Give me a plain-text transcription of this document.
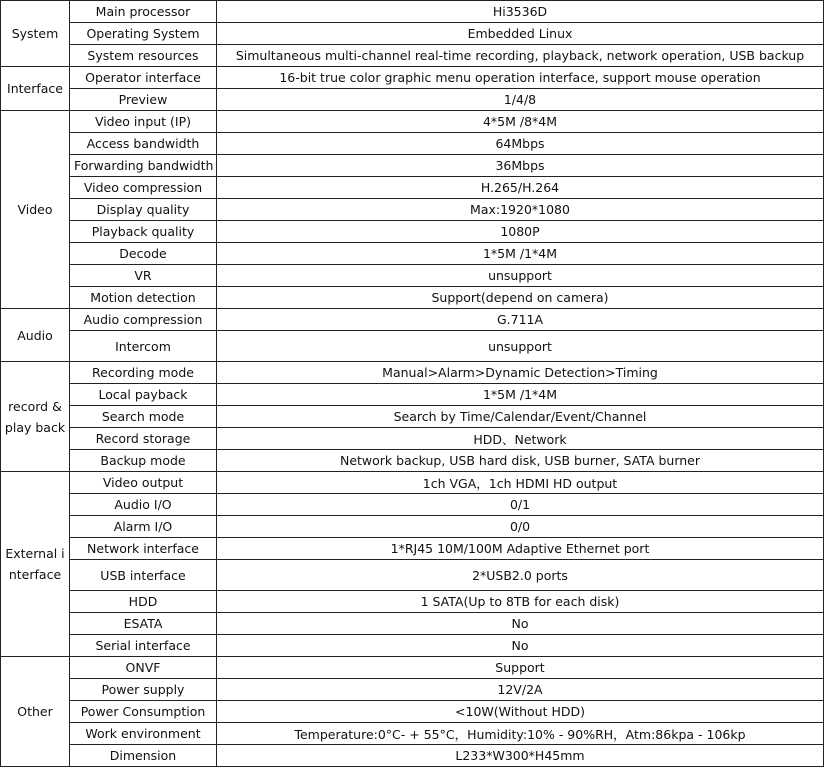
System	Main processor	Hi3536D
	Operating System	Embedded Linux
	System resources	Simultaneous multi-channel real-time recording, playback, network operation, USB backup
Interface	Operator interface	16-bit true color graphic menu operation interface, support mouse operation
	Preview	1/4/8
Video	Video input (IP)	4*5M /8*4M
	Access bandwidth	64Mbps
	Forwarding bandwidth	36Mbps
	Video compression	H.265/H.264
	Display quality	Max:1920*1080
	Playback quality	1080P
	Decode	1*5M /1*4M
	VR	unsupport
	Motion detection	Support(depend on camera)
Audio	Audio compression	G.711A
	Intercom	unsupport
record & play back	Recording mode	Manual>Alarm>Dynamic Detection>Timing
	Local payback	1*5M /1*4M
	Search mode	Search by Time/Calendar/Event/Channel
	Record storage	HDD、Network
	Backup mode	Network backup, USB hard disk, USB burner, SATA burner
External interface	Video output	1ch VGA，1ch HDMI HD output
	Audio I/O	0/1
	Alarm I/O	0/0
	Network interface	1*RJ45 10M/100M Adaptive Ethernet port
	USB interface	2*USB2.0 ports
	HDD	1 SATA(Up to 8TB for each disk)
	ESATA	No
	Serial interface	No
Other	ONVF	Support
	Power supply	12V/2A
	Power Consumption	<10W(Without HDD)
	Work environment	Temperature:0°C- + 55°C，Humidity:10% - 90%RH，Atm:86kpa - 106kp
	Dimension	L233*W300*H45mm
